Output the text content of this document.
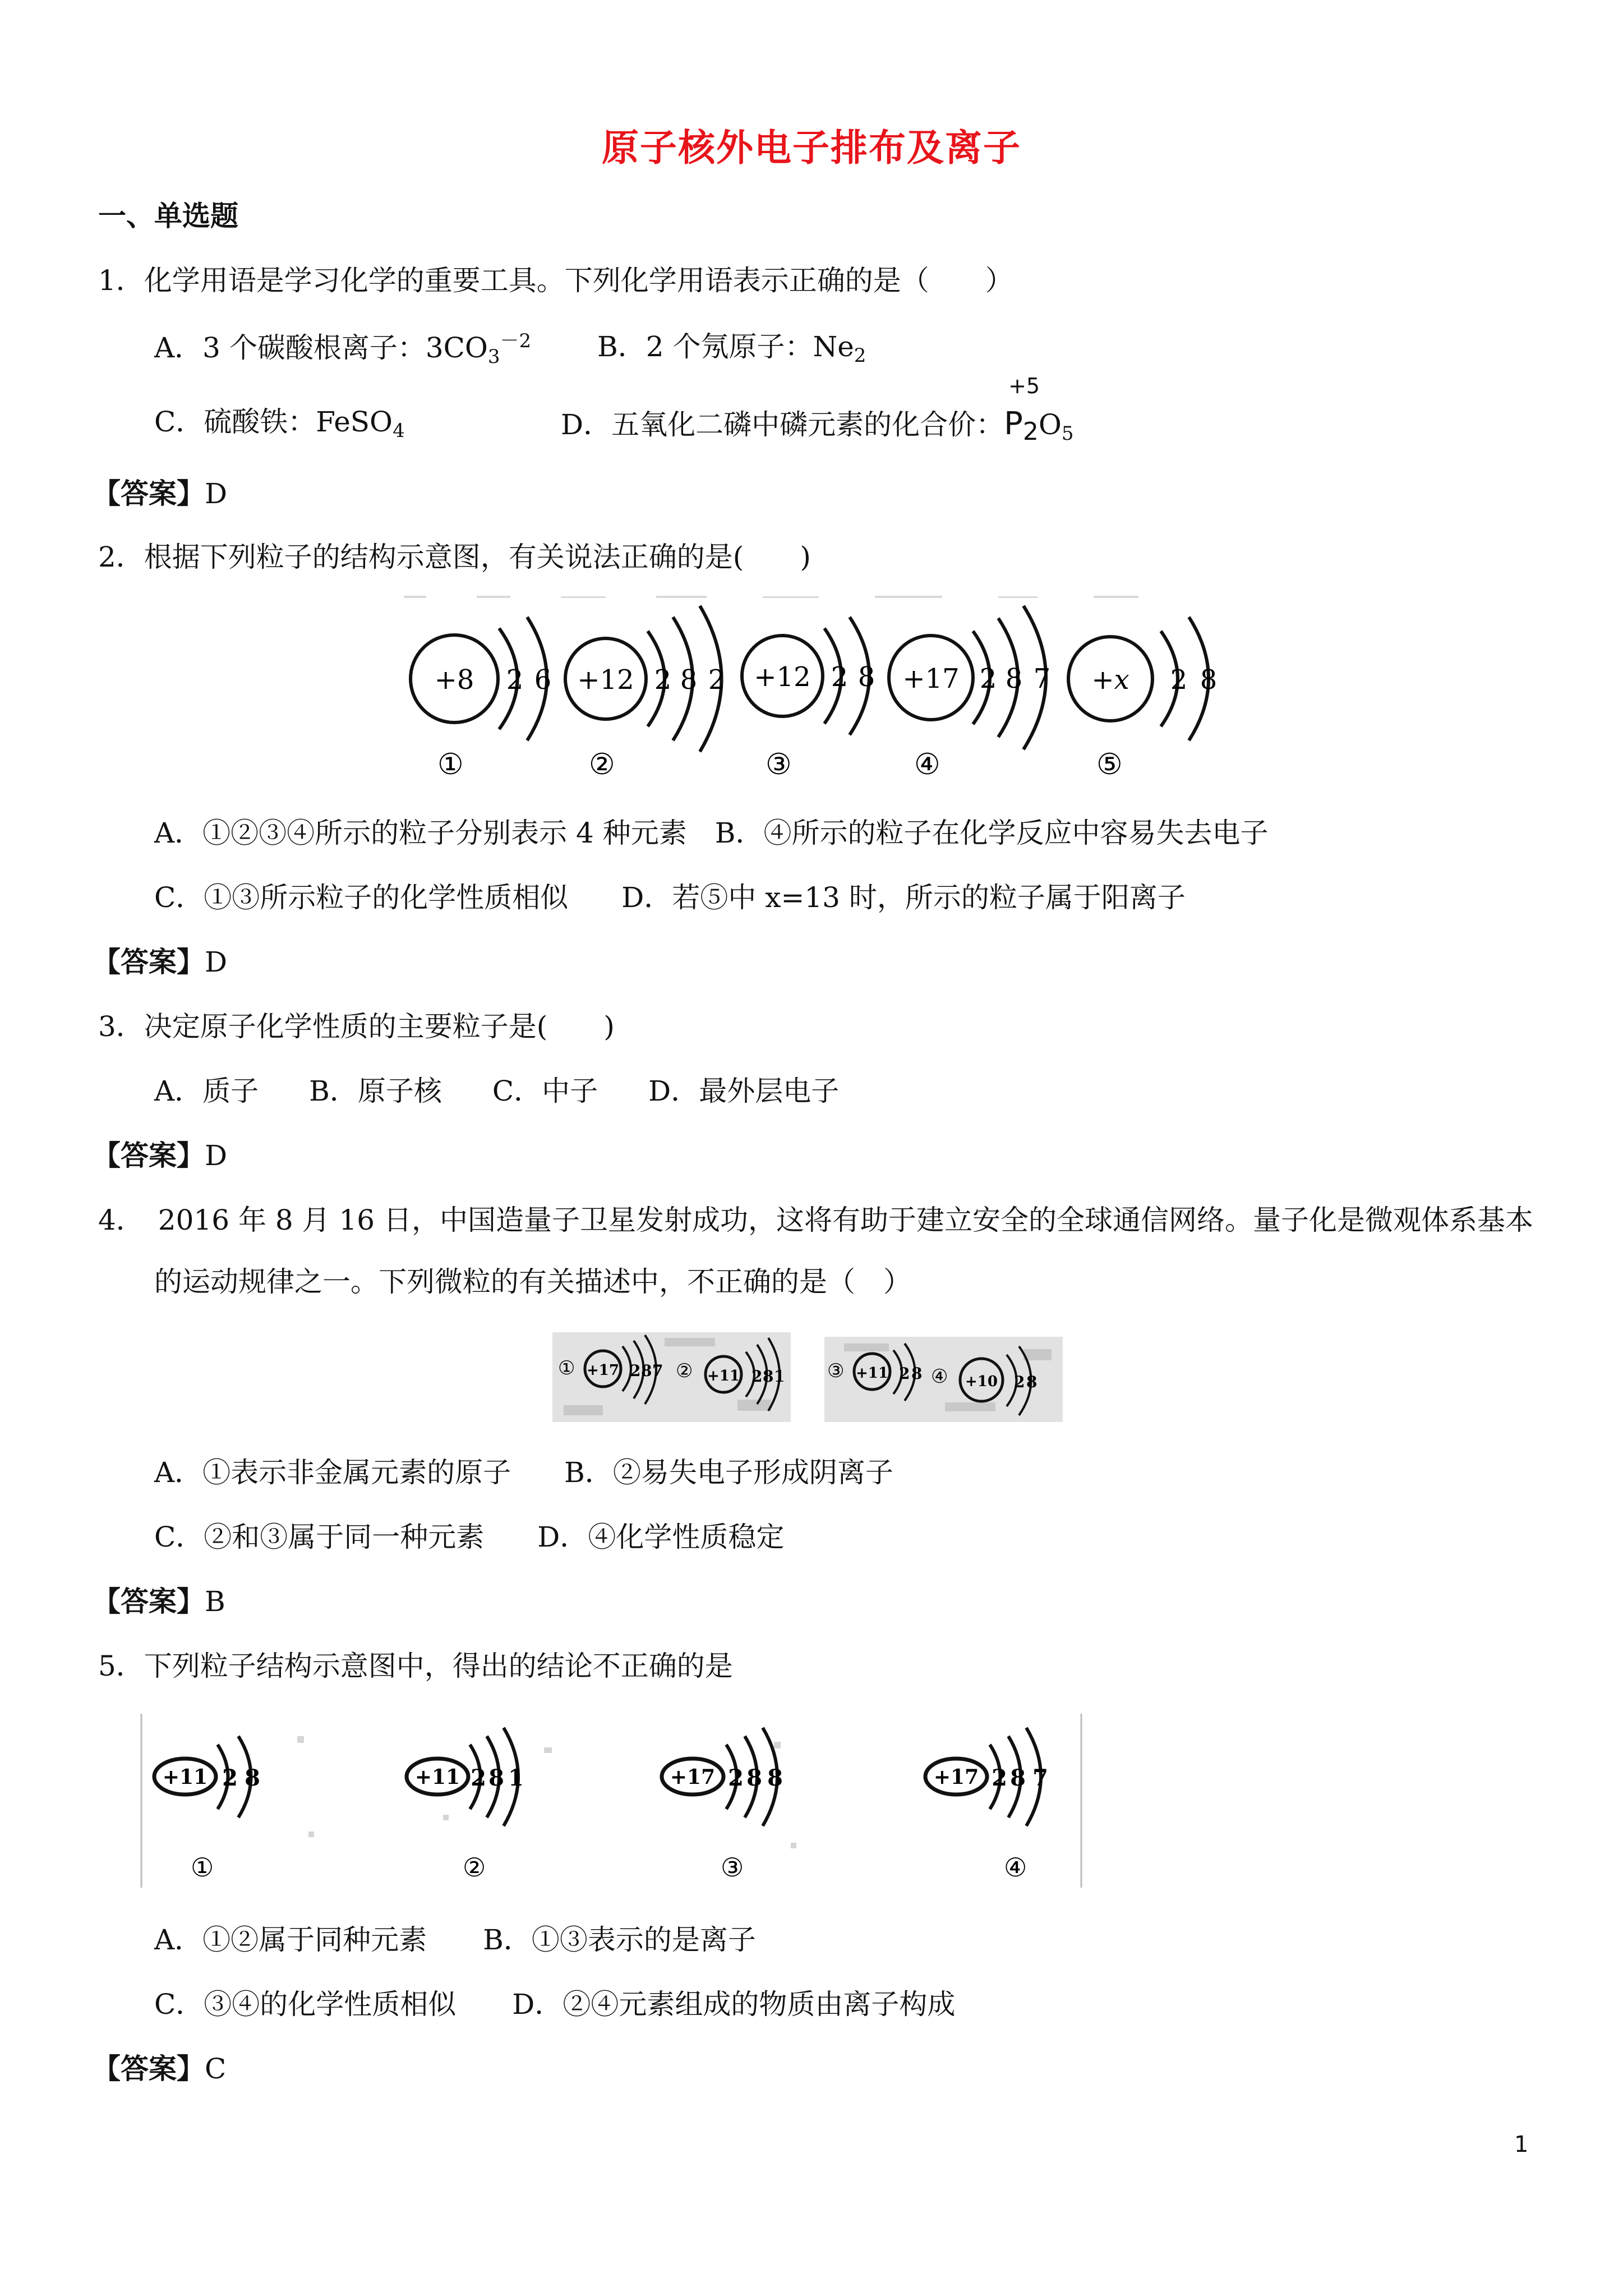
原子核外电子排布及离子
一、单选题
1．化学用语是学习化学的重要工具。下列化学用语表示正确的是（　　）
A．3 个碳酸根离子：$3CO_3^{-2}$ B．2 个氖原子：$Ne_2$
C．硫酸铁：FeSO$_4$	D．五氧化二磷中磷元素的化合价：
+5
$P_2O_5$
【答案】D
2．根据下列粒子的结构示意图，有关说法正确的是(　　)
+8 2 6
①
+12 2 8 2
②
+12 2 8
③
+17 2 8 7
④
+x 2 8
⑤
A．①②③④所示的粒子分别表示 4 种元素 B．④所示的粒子在化学反应中容易失去电子
C．①③所示粒子的化学性质相似 D．若⑤中 x=13 时，所示的粒子属于阳离子
【答案】D
3．决定原子化学性质的主要粒子是(　　)
A．质子 B．原子核 C．中子 D．最外层电子
【答案】D
4．　2016 年 8 月 16 日，中国造量子卫星发射成功，这将有助于建立安全的全球通信网络。量子化是微观体系基本
的运动规律之一。下列微粒的有关描述中，不正确的是（　）
① +17 2 8 7 ② +11 2 8 1 ③ +11 2 8 ④ +10 2 8
A．①表示非金属元素的原子 B．②易失电子形成阴离子
C．②和③属于同一种元素 D．④化学性质稳定
【答案】B
5．下列粒子结构示意图中，得出的结论不正确的是
+11 2 8
①
+11 2 8 1
②
+17 2 8 8
③
+17 2 8 7
④
A．①②属于同种元素 B．①③表示的是离子
C．③④的化学性质相似 D．②④元素组成的物质由离子构成
【答案】C
1
